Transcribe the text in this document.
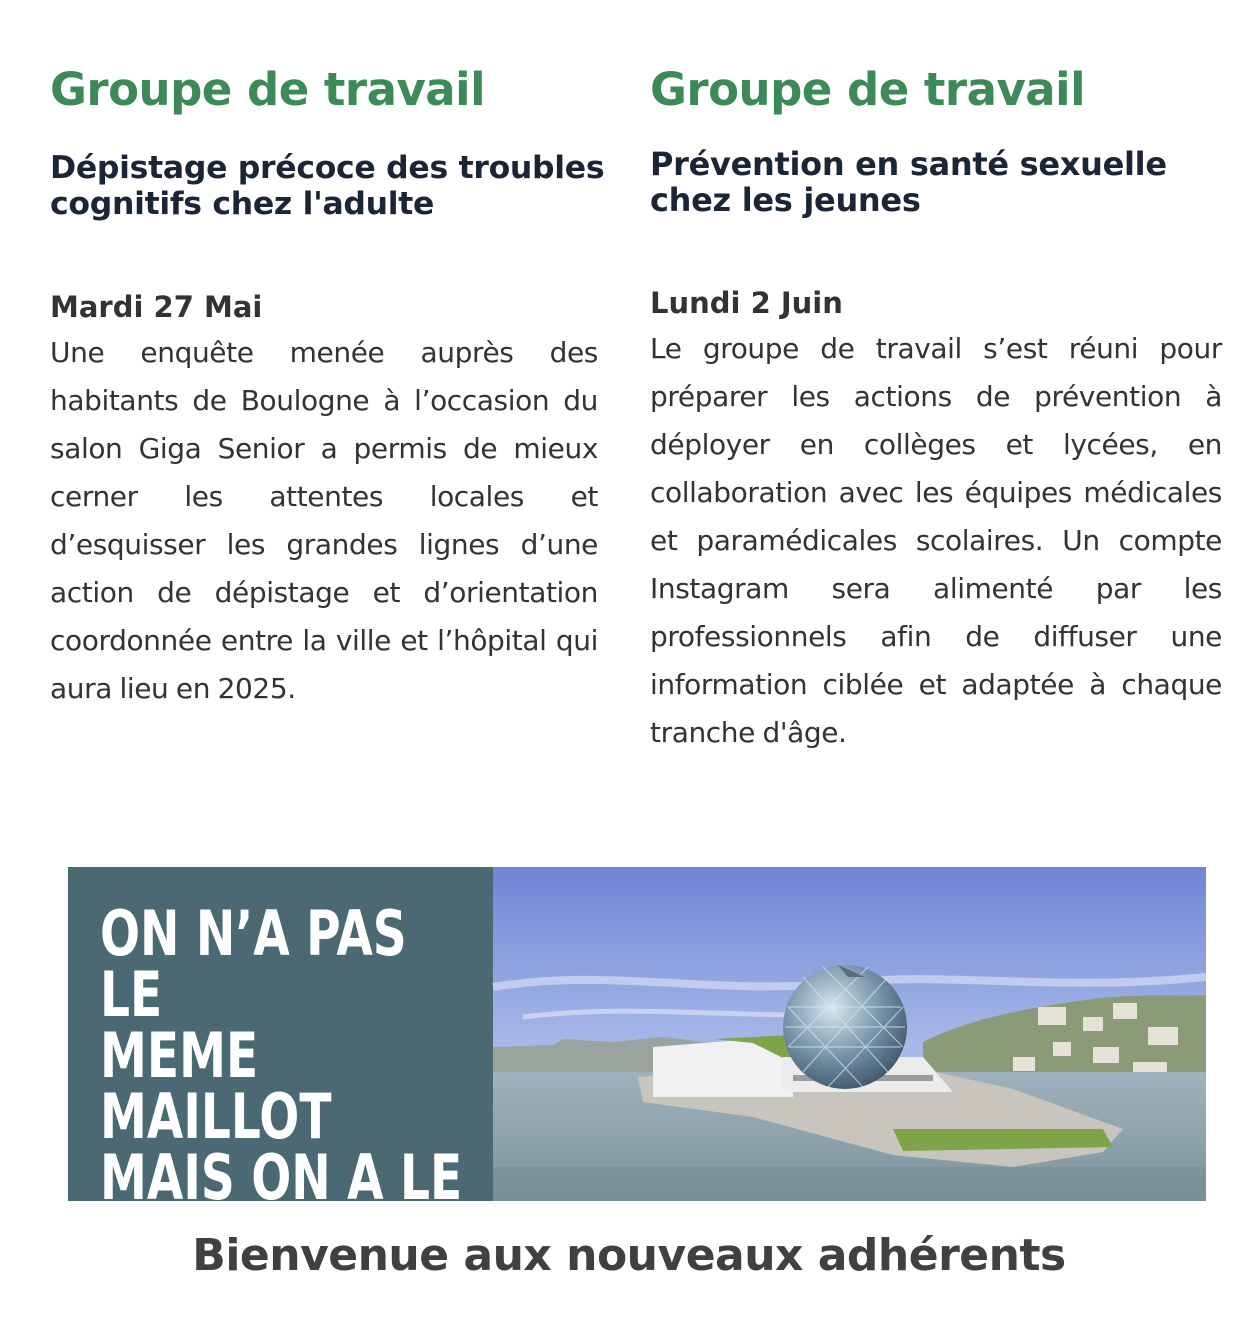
Groupe de travail
Dépistage précoce des troubles
cognitifs chez l'adulte
Mardi 27 Mai

Une enquête menée auprès des habitants de Boulogne à l’occasion du salon Giga Senior a permis de mieux cerner les attentes locales et d’esquisser les grandes lignes d’une action de dépistage et d’orientation coordonnée entre la ville et l’hôpital qui aura lieu en 2025.

Groupe de travail
Prévention en santé sexuelle
chez les jeunes
Lundi 2 Juin

Le groupe de travail s’est réuni pour préparer les actions de prévention à déployer en collèges et lycées, en collaboration avec les équipes médicales et paramédicales scolaires. Un compte Instagram sera alimenté par les professionnels afin de diffuser une information ciblée et adaptée à chaque tranche d'âge.

ON N’A PAS LE
MEME MAILLOT
MAIS ON A LE
MEME PATIENT
Bienvenue aux nouveaux adhérents
